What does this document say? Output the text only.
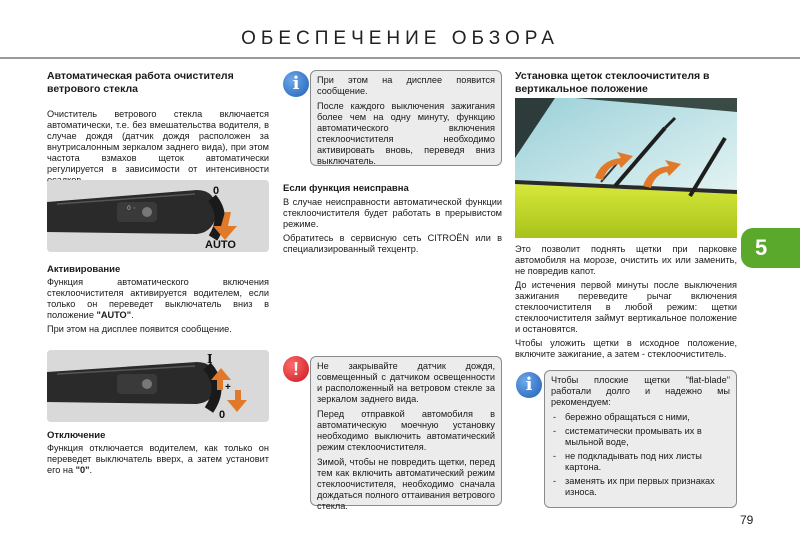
ОБЕСПЕЧЕНИЕ ОБЗОРА
Автоматическая работа очистителя ветрового стекла

Очиститель ветрового стекла включается автоматически, т.е. без вмешательства водителя, в случае дождя (датчик дождя расположен за внутрисалонным зеркалом заднего вида), при этом частота взмахов щеток автоматически регулируется в зависимости от интенсивности

0 ◦
0
AUTO
Активирование

Функция автоматического включения стеклоочистителя активируется водителем, если только он переведет выключатель вниз в положение "AUTO".

При этом на дисплее появится сообщение.

I
+
0
Отключение

Функция отключается водителем, как только он переведет выключатель вверх, а затем установит его на "0".

i	При этом на дисплее появится сообщение.

После каждого выключения зажигания более чем на одну минуту, функцию автоматического включения стеклоочистителя необходимо активировать вновь, переведя вниз выключатель.

Если функция неисправна

В случае неисправности автоматической функции стеклоочистителя будет работать в прерывистом режиме.

Обратитесь в сервисную сеть CITROËN или в специализированный техцентр.

!	Не закрывайте датчик дождя, совмещенный с датчиком освещенности и расположенный на ветровом стекле за зеркалом заднего вида.

Перед отправкой автомобиля в автоматическую моечную установку необходимо выключить автоматический режим стеклоочистителя.

Зимой, чтобы не повредить щетки, перед тем как включить автоматический режим стеклоочистителя, необходимо сначала дождаться полного оттаивания ветрового стекла.

Установка щеток стеклоочистителя в вертикальное положение

Это позволит поднять щетки при парковке автомобиля на морозе, очистить их или заменить, не повредив капот.

До истечения первой минуты после выключения зажигания переведите рычаг включения стеклоочистителя в любой режим: щетки стеклоочистителя займут вертикальное положение и остановятся.

Чтобы уложить щетки в исходное положение, включите зажигание, а затем - стеклоочиститель.

i	Чтобы плоские щетки "flat-blade" работали долго и надежно мы рекомендуем:

- бережно обращаться с ними,
- систематически промывать их в мыльной воде,
- не подкладывать под них листы картона.
- заменять их при первых признаках износа.
5
79
